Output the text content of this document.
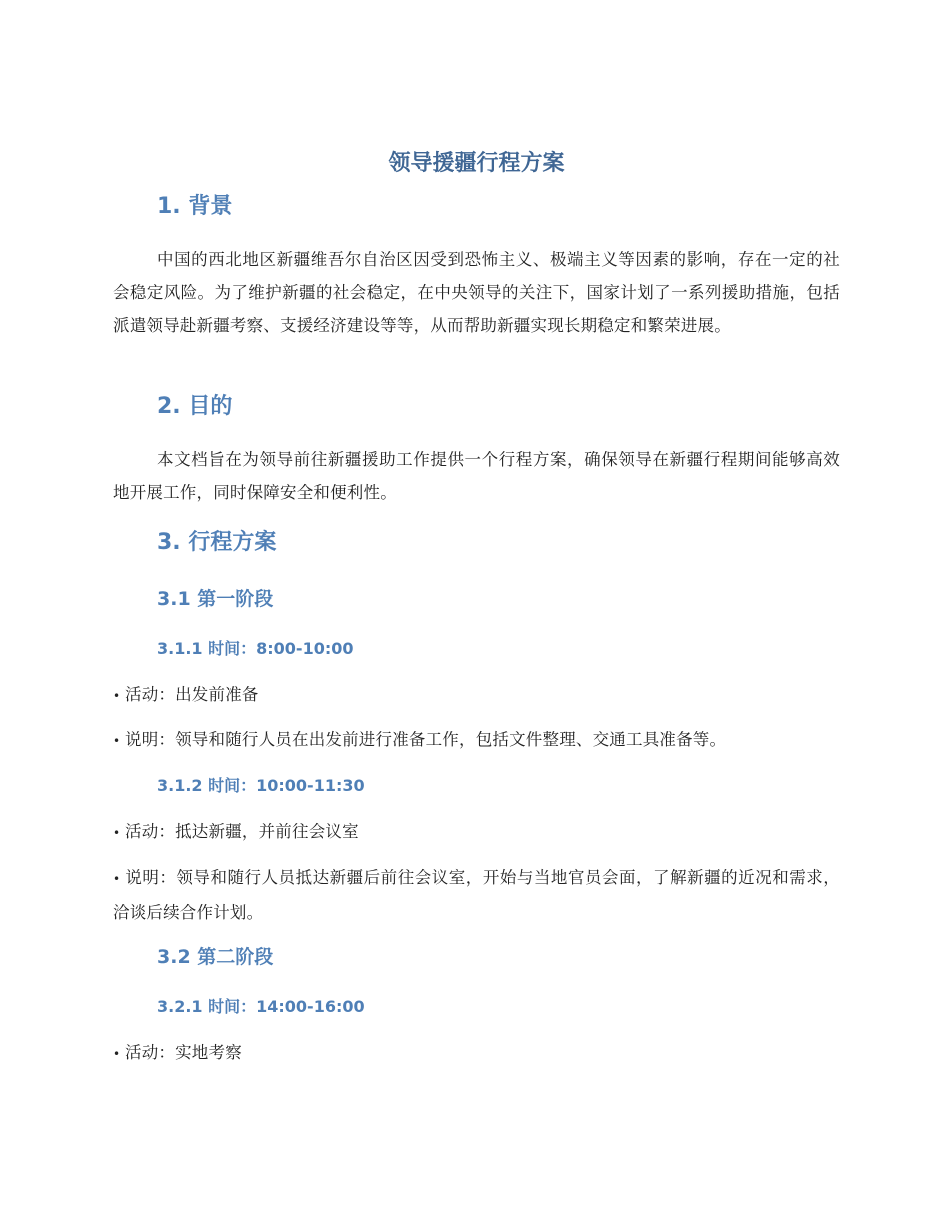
领导援疆行程方案
1. 背景

中国的西北地区新疆维吾尔自治区因受到恐怖主义、极端主义等因素的影响，存在一定的社会稳定风险。为了维护新疆的社会稳定，在中央领导的关注下，国家计划了一系列援助措施，包括派遣领导赴新疆考察、支援经济建设等等，从而帮助新疆实现长期稳定和繁荣进展。

2. 目的

本文档旨在为领导前往新疆援助工作提供一个行程方案，确保领导在新疆行程期间能够高效地开展工作，同时保障安全和便利性。

3. 行程方案
3.1 第一阶段
3.1.1 时间：8:00-10:00

• 活动：出发前准备

• 说明：领导和随行人员在出发前进行准备工作，包括文件整理、交通工具准备等。

3.1.2 时间：10:00-11:30

• 活动：抵达新疆，并前往会议室

• 说明：领导和随行人员抵达新疆后前往会议室，开始与当地官员会面，了解新疆的近况和需求，洽谈后续合作计划。

3.2 第二阶段
3.2.1 时间：14:00-16:00

• 活动：实地考察
